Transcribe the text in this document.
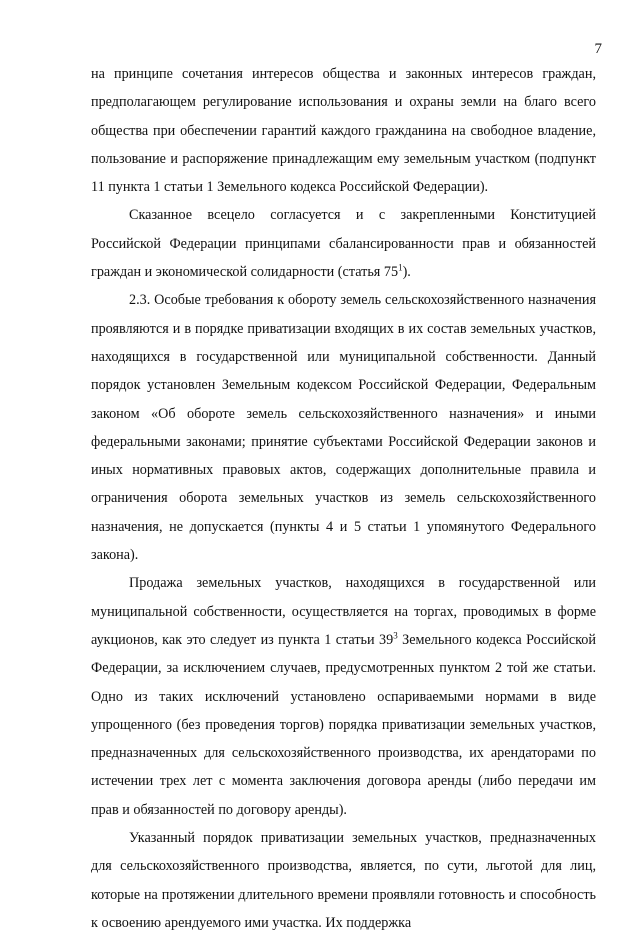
7

на принципе сочетания интересов общества и законных интересов граждан, предполагающем регулирование использования и охраны земли на благо всего общества при обеспечении гарантий каждого гражданина на свободное владение, пользование и распоряжение принадлежащим ему земельным участком (подпункт 11 пункта 1 статьи 1 Земельного кодекса Российской Федерации).

Сказанное всецело согласуется и с закрепленными Конституцией Российской Федерации принципами сбалансированности прав и обязанностей граждан и экономической солидарности (статья $75^1$).

2.3. Особые требования к обороту земель сельскохозяйственного назначения проявляются и в порядке приватизации входящих в их состав земельных участков, находящихся в государственной или муниципальной собственности. Данный порядок установлен Земельным кодексом Российской Федерации, Федеральным законом «Об обороте земель сельскохозяйственного назначения» и иными федеральными законами; принятие субъектами Российской Федерации законов и иных нормативных правовых актов, содержащих дополнительные правила и ограничения оборота земельных участков из земель сельскохозяйственного назначения, не допускается (пункты 4 и 5 статьи 1 упомянутого Федерального закона).

Продажа земельных участков, находящихся в государственной или муниципальной собственности, осуществляется на торгах, проводимых в форме аукционов, как это следует из пункта 1 статьи $39^3$ Земельного кодекса Российской Федерации, за исключением случаев, предусмотренных пунктом 2 той же статьи. Одно из таких исключений установлено оспариваемыми нормами в виде упрощенного (без проведения торгов) порядка приватизации земельных участков, предназначенных для сельскохозяйственного производства, их арендаторами по истечении трех лет с момента заключения договора аренды (либо передачи им прав и обязанностей по договору аренды).

Указанный порядок приватизации земельных участков, предназначенных для сельскохозяйственного производства, является, по сути, льготой для лиц, которые на протяжении длительного времени проявляли готовность и способность к освоению арендуемого ими участка. Их поддержка
